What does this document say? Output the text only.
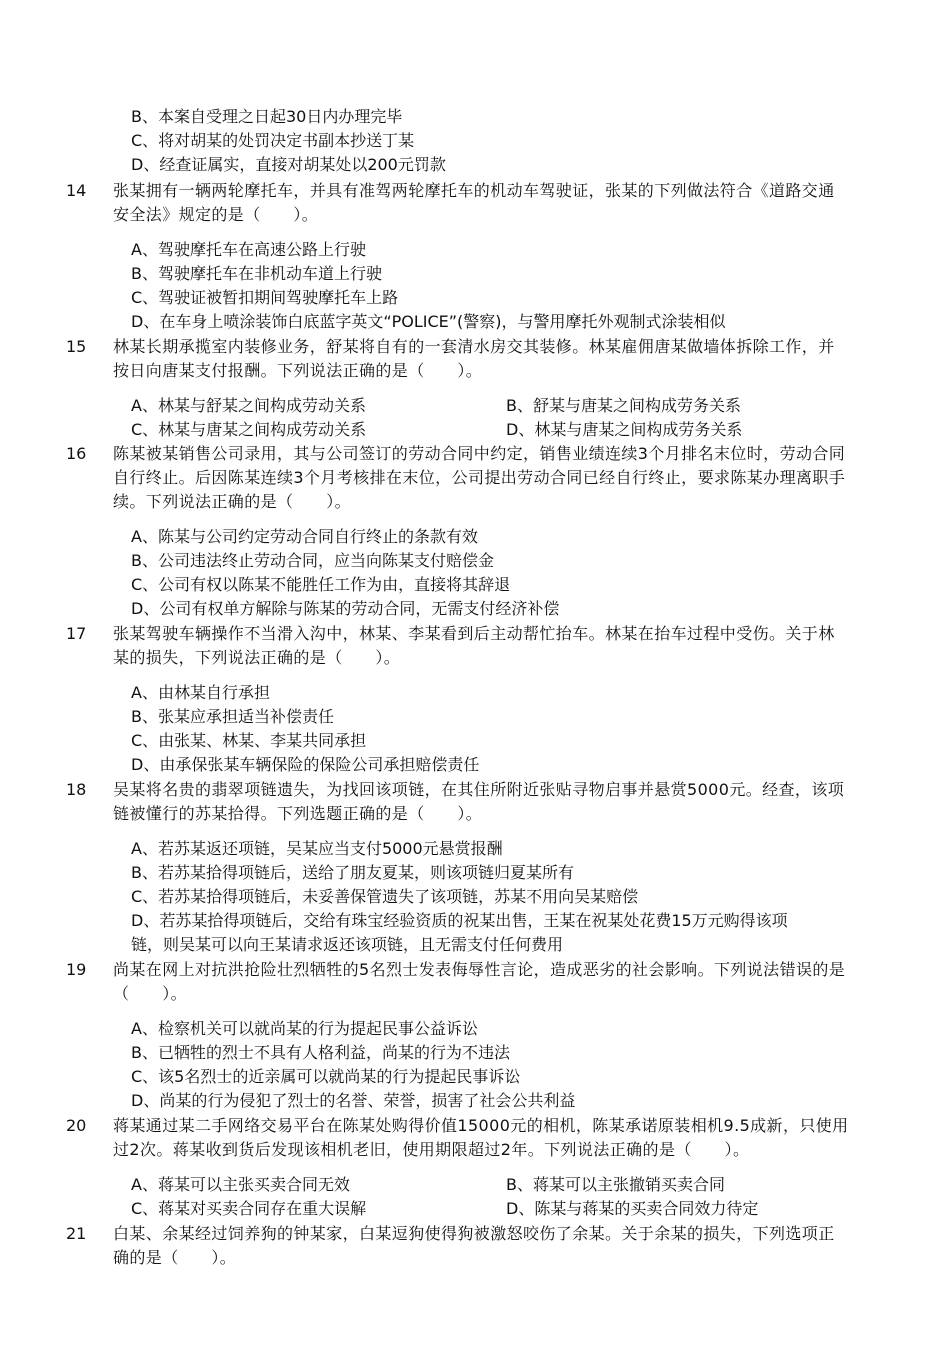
B、本案自受理之日起30日内办理完毕
C、将对胡某的处罚决定书副本抄送丁某
D、经查证属实，直接对胡某处以200元罚款
14 张某拥有一辆两轮摩托车，并具有准驾两轮摩托车的机动车驾驶证，张某的下列做法符合《道路交通
安全法》规定的是（　　）。
A、驾驶摩托车在高速公路上行驶
B、驾驶摩托车在非机动车道上行驶
C、驾驶证被暂扣期间驾驶摩托车上路
D、在车身上喷涂装饰白底蓝字英文“POLICE”(警察)，与警用摩托外观制式涂装相似
15 林某长期承揽室内装修业务，舒某将自有的一套清水房交其装修。林某雇佣唐某做墙体拆除工作，并
按日向唐某支付报酬。下列说法正确的是（　　）。
A、林某与舒某之间构成劳动关系	B、舒某与唐某之间构成劳务关系
C、林某与唐某之间构成劳动关系	D、林某与唐某之间构成劳务关系
16 陈某被某销售公司录用，其与公司签订的劳动合同中约定，销售业绩连续3个月排名末位时，劳动合同
自行终止。后因陈某连续3个月考核排在末位，公司提出劳动合同已经自行终止，要求陈某办理离职手
续。下列说法正确的是（　　）。
A、陈某与公司约定劳动合同自行终止的条款有效
B、公司违法终止劳动合同，应当向陈某支付赔偿金
C、公司有权以陈某不能胜任工作为由，直接将其辞退
D、公司有权单方解除与陈某的劳动合同，无需支付经济补偿
17 张某驾驶车辆操作不当滑入沟中，林某、李某看到后主动帮忙抬车。林某在抬车过程中受伤。关于林
某的损失，下列说法正确的是（　　）。
A、由林某自行承担
B、张某应承担适当补偿责任
C、由张某、林某、李某共同承担
D、由承保张某车辆保险的保险公司承担赔偿责任
18 吴某将名贵的翡翠项链遗失，为找回该项链，在其住所附近张贴寻物启事并悬赏5000元。经查，该项
链被懂行的苏某拾得。下列选题正确的是（　　）。
A、若苏某返还项链，吴某应当支付5000元悬赏报酬
B、若苏某拾得项链后，送给了朋友夏某，则该项链归夏某所有
C、若苏某拾得项链后，未妥善保管遗失了该项链，苏某不用向吴某赔偿
D、若苏某拾得项链后，交给有珠宝经验资质的祝某出售，王某在祝某处花费15万元购得该项
链，则吴某可以向王某请求返还该项链，且无需支付任何费用
19 尚某在网上对抗洪抢险壮烈牺牲的5名烈士发表侮辱性言论，造成恶劣的社会影响。下列说法错误的是
（　　）。
A、检察机关可以就尚某的行为提起民事公益诉讼
B、已牺牲的烈士不具有人格利益，尚某的行为不违法
C、该5名烈士的近亲属可以就尚某的行为提起民事诉讼
D、尚某的行为侵犯了烈士的名誉、荣誉，损害了社会公共利益
20 蒋某通过某二手网络交易平台在陈某处购得价值15000元的相机，陈某承诺原装相机9.5成新，只使用
过2次。蒋某收到货后发现该相机老旧，使用期限超过2年。下列说法正确的是（　　）。
A、蒋某可以主张买卖合同无效	B、蒋某可以主张撤销买卖合同
C、蒋某对买卖合同存在重大误解	D、陈某与蒋某的买卖合同效力待定
21 白某、余某经过饲养狗的钟某家，白某逗狗使得狗被激怒咬伤了余某。关于余某的损失，下列选项正
确的是（　　）。
